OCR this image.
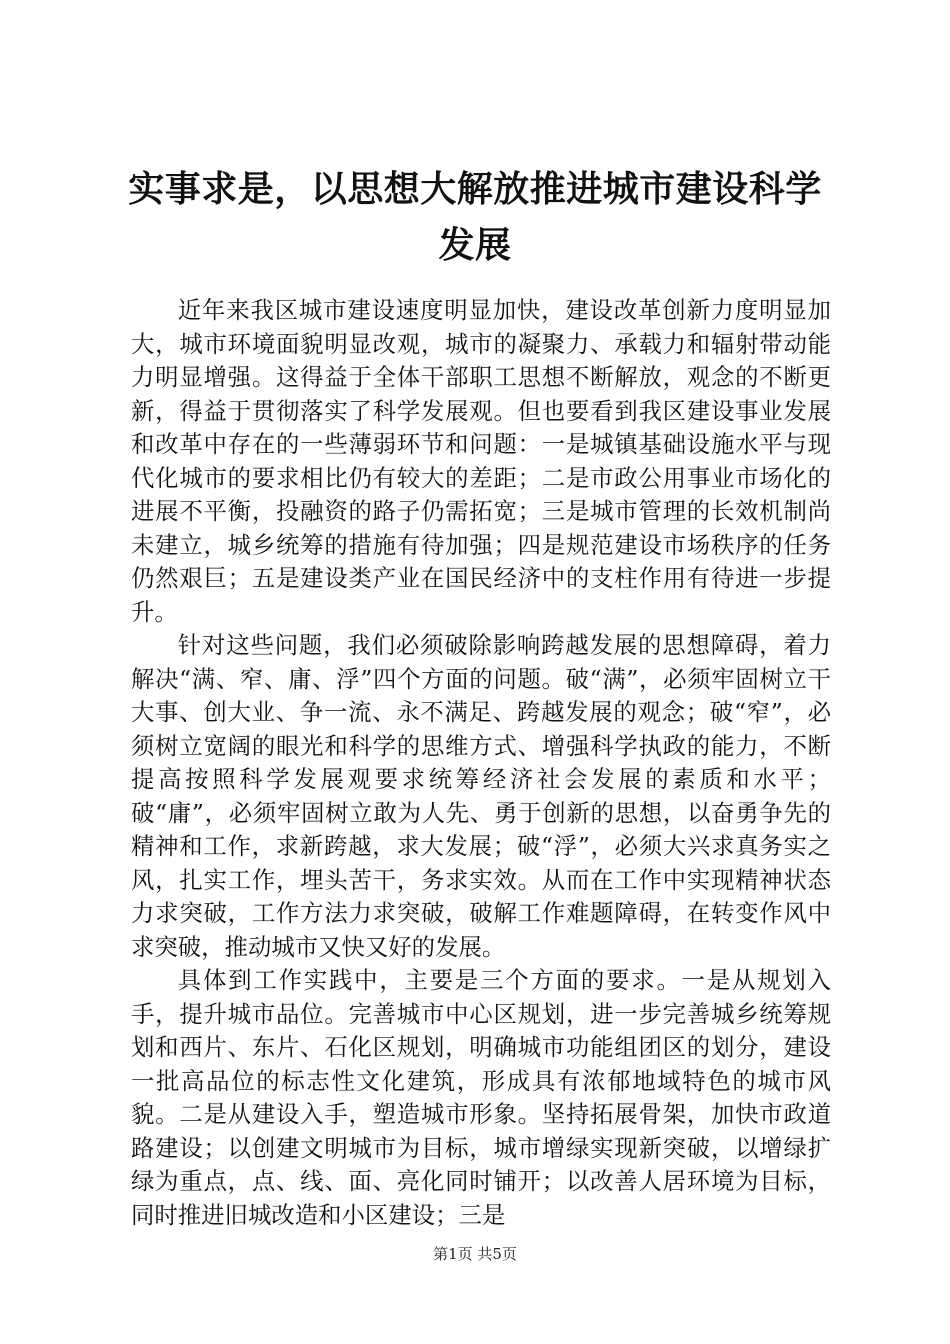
实事求是，以思想大解放推进城市建设科学发展

近年来我区城市建设速度明显加快，建设改革创新力度明显加大，城市环境面貌明显改观，城市的凝聚力、承载力和辐射带动能力明显增强。这得益于全体干部职工思想不断解放，观念的不断更新，得益于贯彻落实了科学发展观。但也要看到我区建设事业发展和改革中存在的一些薄弱环节和问题：一是城镇基础设施水平与现代化城市的要求相比仍有较大的差距；二是市政公用事业市场化的进展不平衡，投融资的路子仍需拓宽；三是城市管理的长效机制尚未建立，城乡统筹的措施有待加强；四是规范建设市场秩序的任务仍然艰巨；五是建设类产业在国民经济中的支柱作用有待进一步提升。

针对这些问题，我们必须破除影响跨越发展的思想障碍，着力解决“满、窄、庸、浮”四个方面的问题。破“满”，必须牢固树立干大事、创大业、争一流、永不满足、跨越发展的观念；破“窄”，必须树立宽阔的眼光和科学的思维方式、增强科学执政的能力，不断提高按照科学发展观要求统筹经济社会发展的素质和水平；破“庸”，必须牢固树立敢为人先、勇于创新的思想，以奋勇争先的精神和工作，求新跨越，求大发展；破“浮”，必须大兴求真务实之风，扎实工作，埋头苦干，务求实效。从而在工作中实现精神状态力求突破，工作方法力求突破，破解工作难题障碍，在转变作风中求突破，推动城市又快又好的发展。

具体到工作实践中，主要是三个方面的要求。一是从规划入手，提升城市品位。完善城市中心区规划，进一步完善城乡统筹规划和西片、东片、石化区规划，明确城市功能组团区的划分，建设一批高品位的标志性文化建筑，形成具有浓郁地域特色的城市风貌。二是从建设入手，塑造城市形象。坚持拓展骨架，加快市政道路建设；以创建文明城市为目标，城市增绿实现新突破，以增绿扩绿为重点，点、线、面、亮化同时铺开；以改善人居环境为目标，同时推进旧城改造和小区建设；三是

第1页 共5页
